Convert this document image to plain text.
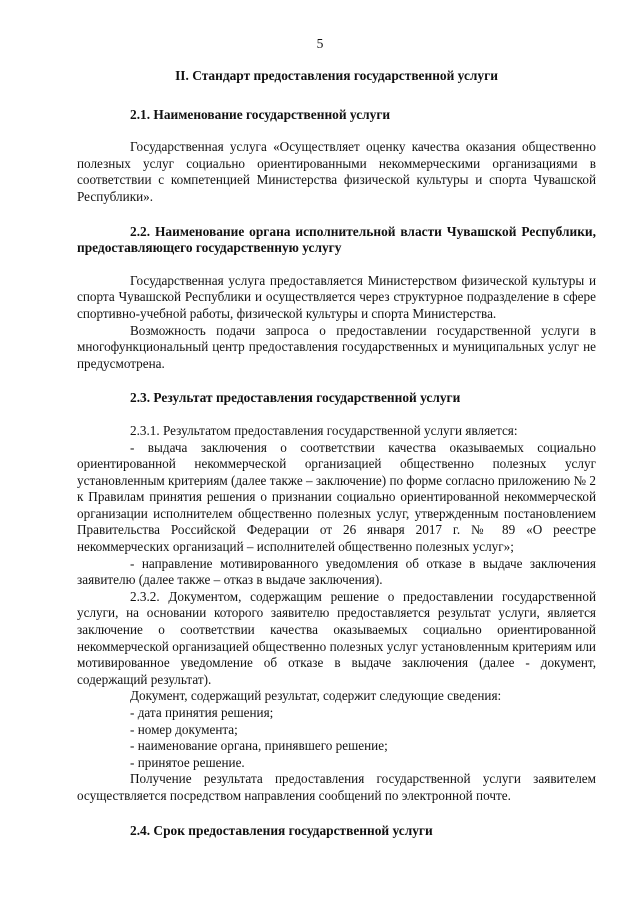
5
II. Стандарт предоставления государственной услуги
2.1. Наименование государственной услуги

Государственная услуга «Осуществляет оценку качества оказания общественно полезных услуг социально ориентированными некоммерческими организациями в соответствии с компетенцией Министерства физической культуры и спорта Чувашской Республики».

2.2. Наименование органа исполнительной власти Чувашской Республики, предоставляющего государственную услугу

Государственная услуга предоставляется Министерством физической культуры и спорта Чувашской Республики и осуществляется через структурное подразделение в сфере спортивно-учебной работы, физической культуры и спорта Министерства.

Возможность подачи запроса о предоставлении государственной услуги в многофункциональный центр предоставления государственных и муниципальных услуг не предусмотрена.

2.3. Результат предоставления государственной услуги

2.3.1. Результатом предоставления государственной услуги является:

- выдача заключения о соответствии качества оказываемых социально ориентированной некоммерческой организацией общественно полезных услуг установленным критериям (далее также – заключение) по форме согласно приложению № 2 к Правилам принятия решения о признании социально ориентированной некоммерческой организации исполнителем общественно полезных услуг, утвержденным постановлением Правительства Российской Федерации от 26 января 2017 г. № 89 «О реестре некоммерческих организаций – исполнителей общественно полезных услуг»;

- направление мотивированного уведомления об отказе в выдаче заключения заявителю (далее также – отказ в выдаче заключения).

2.3.2. Документом, содержащим решение о предоставлении государственной услуги, на основании которого заявителю предоставляется результат услуги, является заключение о соответствии качества оказываемых социально ориентированной некоммерческой организацией общественно полезных услуг установленным критериям или мотивированное уведомление об отказе в выдаче заключения (далее - документ, содержащий результат).

Документ, содержащий результат, содержит следующие сведения:

- дата принятия решения;

- номер документа;

- наименование органа, принявшего решение;

- принятое решение.

Получение результата предоставления государственной услуги заявителем осуществляется посредством направления сообщений по электронной почте.

2.4. Срок предоставления государственной услуги
